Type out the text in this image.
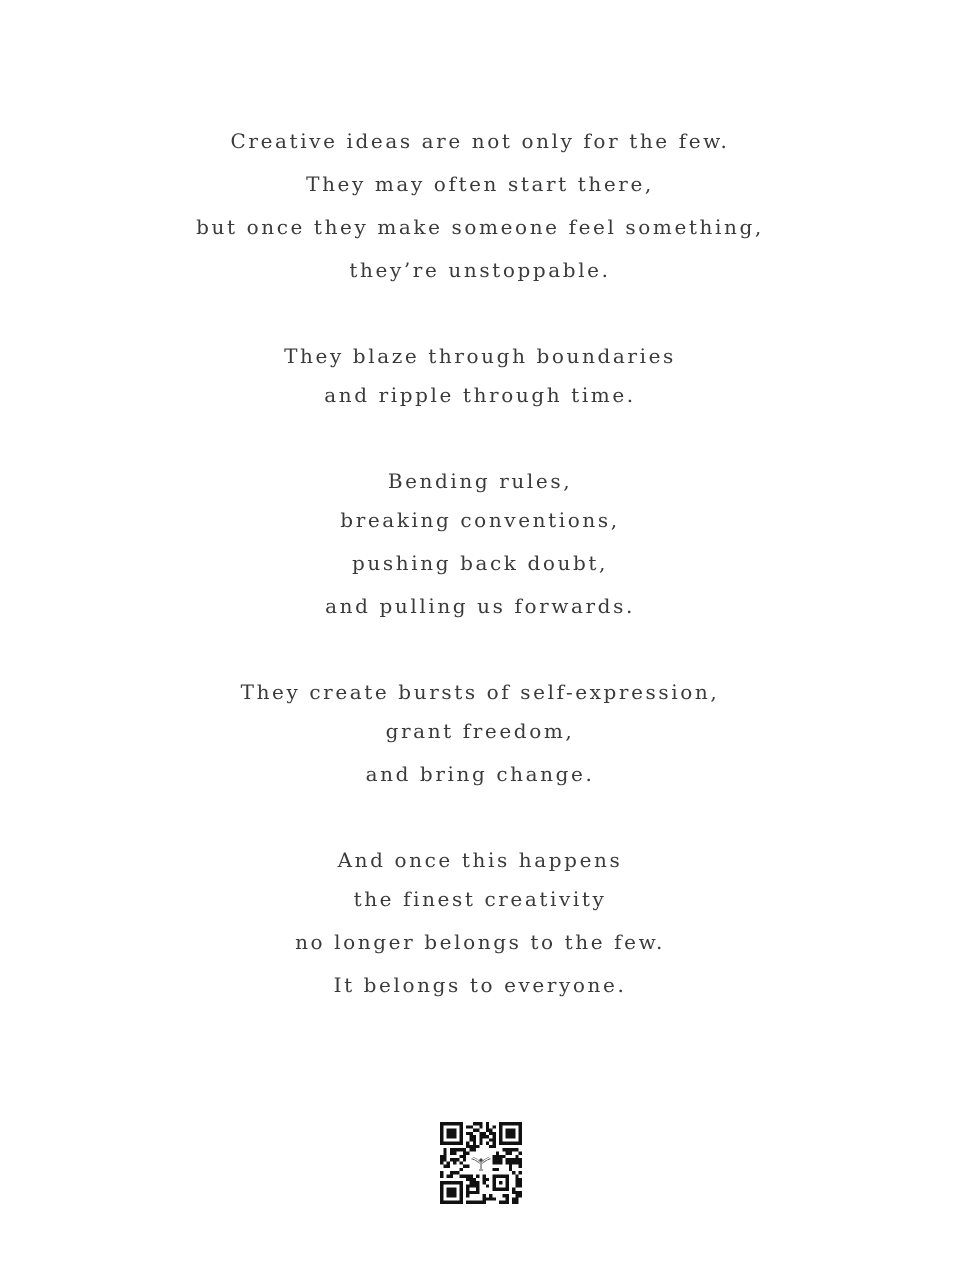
Creative ideas are not only for the few.
They may often start there,
but once they make someone feel something,
they’re unstoppable.
They blaze through boundaries
and ripple through time.
Bending rules,
breaking conventions,
pushing back doubt,
and pulling us forwards.
They create bursts of self-expression,
grant freedom,
and bring change.
And once this happens
the finest creativity
no longer belongs to the few.
It belongs to everyone.
